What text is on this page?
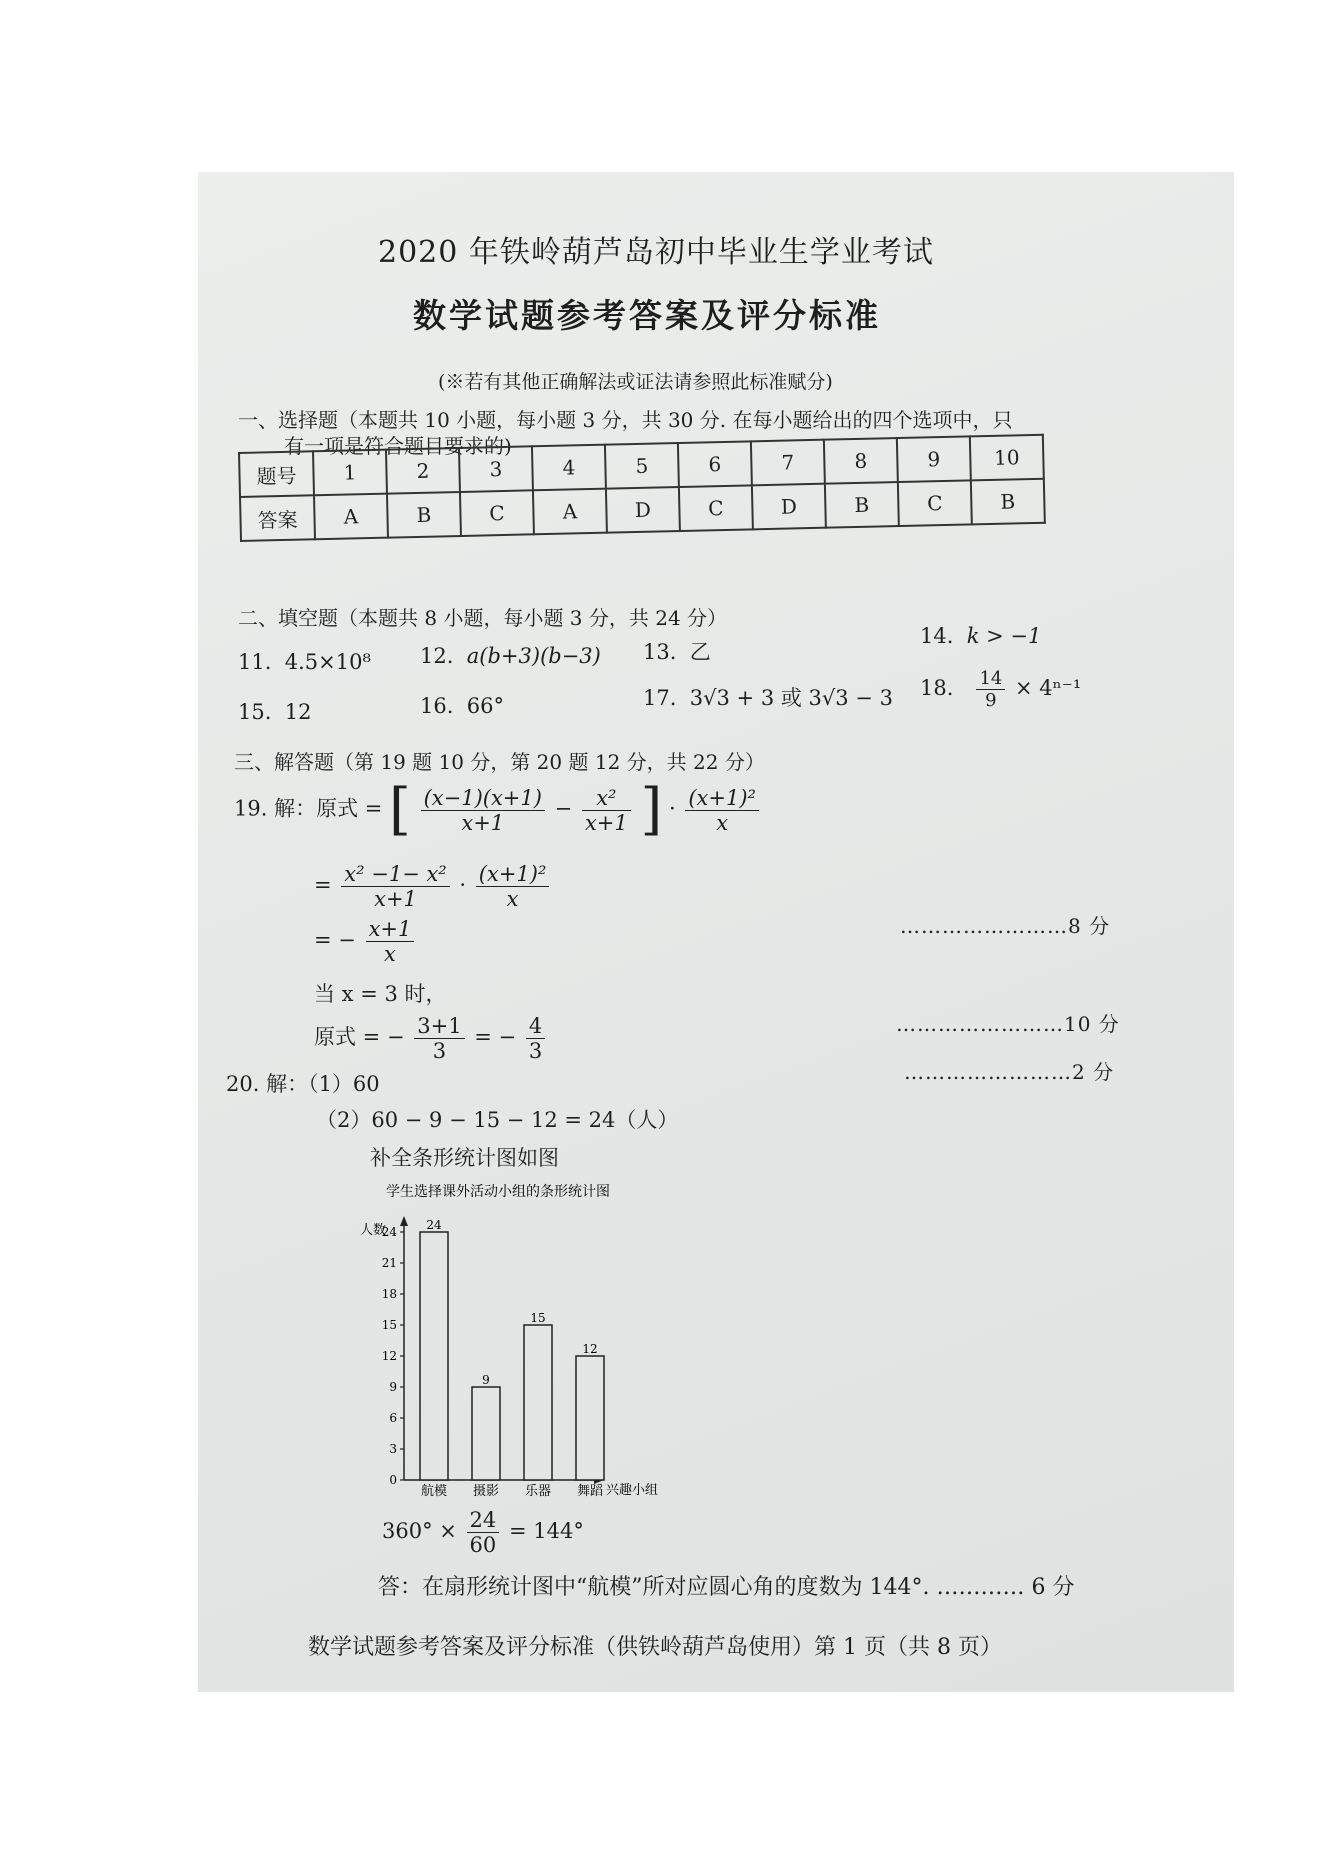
2020 年铁岭葫芦岛初中毕业生学业考试
数学试题参考答案及评分标准
(※若有其他正确解法或证法请参照此标准赋分)
一、选择题（本题共 10 小题，每小题 3 分，共 30 分. 在每小题给出的四个选项中，只
有一项是符合题目要求的)
题号	1	2	3	4	5	6	7	8	9	10
答案	A	B	C	A	D	C	D	B	C	B
二、填空题（本题共 8 小题，每小题 3 分，共 24 分）
11. 4.5×10⁸ 12. a(b+3)(b−3) 13. 乙
14. k > −1
15. 12	16. 66°	17. 3√3 + 3 或 3√3 − 3 18. $\frac{14}{9} \times 4^{n-1}$
三、解答题（第 19 题 10 分，第 20 题 12 分，共 22 分）
19. 解：原式 = [ $\frac{(x-1)(x+1)}{x+1} - \frac{\text{x²}}{x+1}$ ] · $\frac{\text{(x+1)²}}{x}$
= $\frac{\text{x² −1− x²}}{x+1} \cdot \frac{\text{(x+1)²}}{x}$
= − $\frac{x+1}{x}$	……………………8 分
当 x = 3 时，
原式 = − $\frac{3+1}{3}$ = − $\frac{4}{3}$	……………………10 分
……………………2 分
20. 解：（1）60
（2）60 − 9 − 15 − 12 = 24（人）
补全条形统计图如图
学生选择课外活动小组的条形统计图
人数
兴趣小组
0
3
6
9
12
15
18
21
24 24
航模
9
摄影
15
乐器
12
舞蹈
$360^\circ \times \frac{24}{60} = 144^\circ$
答：在扇形统计图中“航模”所对应圆心角的度数为 144°. ………… 6 分
数学试题参考答案及评分标准（供铁岭葫芦岛使用）第 1 页（共 8 页）
